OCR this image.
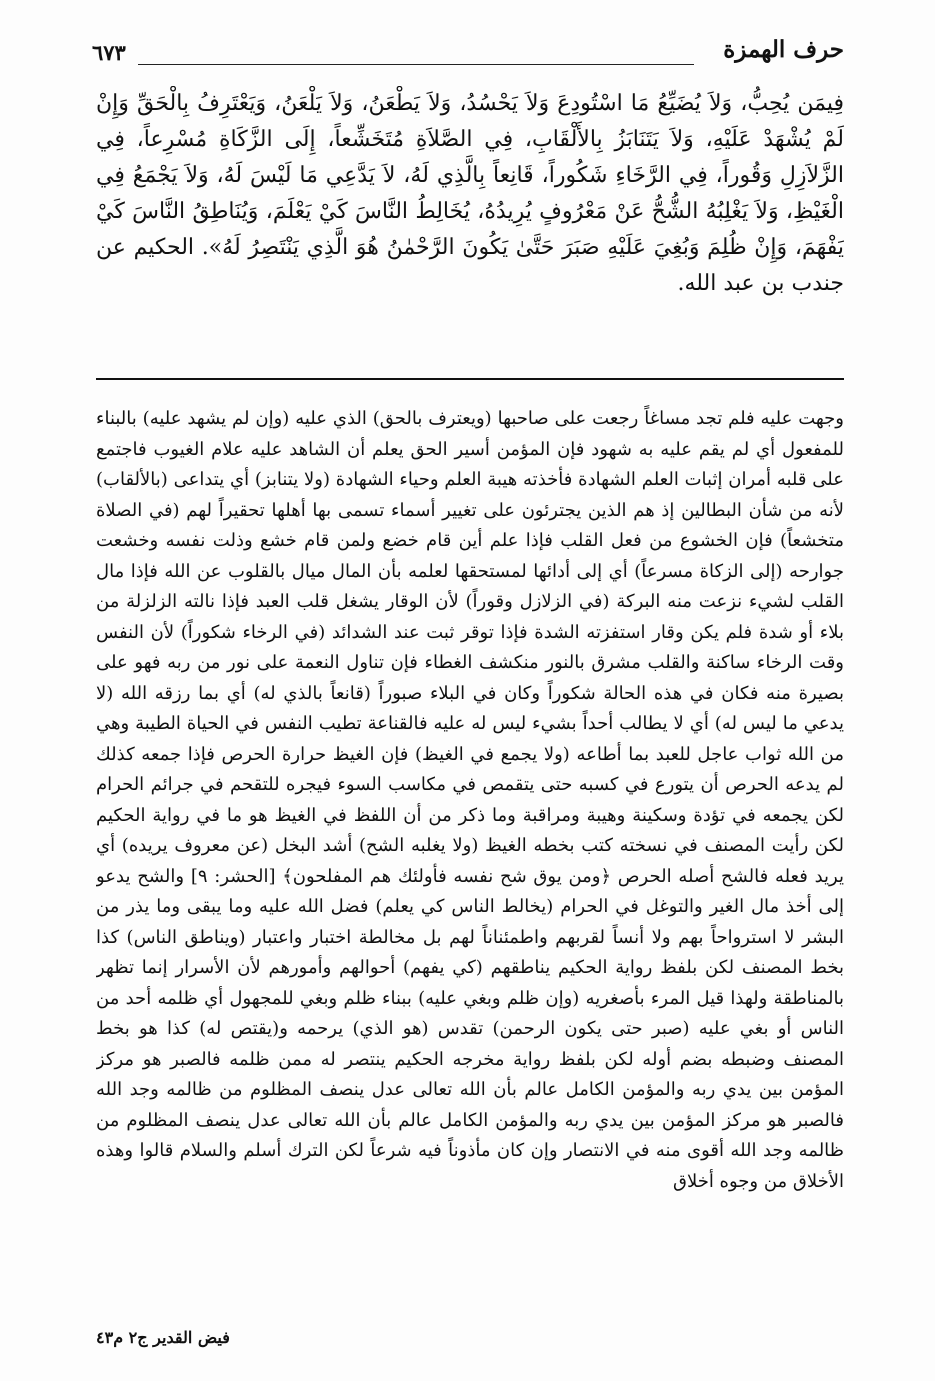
حرف الهمزة
٦٧٣
فِيمَن يُحِبُّ، وَلاَ يُضَيِّعُ مَا اسْتُودِعَ وَلاَ يَحْسُدُ، وَلاَ يَطْعَنُ، وَلاَ يَلْعَنُ، وَيَعْتَرِفُ بِالْحَقِّ وَإِنْ لَمْ يُشْهَدْ عَلَيْهِ، وَلاَ يَتَنَابَزُ بِالأَلْقَابِ، فِي الصَّلاَةِ مُتَخَشِّعاً، إِلَى الزَّكَاةِ مُسْرِعاً، فِي الزَّلاَزِلِ وَقُوراً، فِي الرَّخَاءِ شَكُوراً، قَانِعاً بِالَّذِي لَهُ، لاَ يَدَّعِي مَا لَيْسَ لَهُ، وَلاَ يَجْمَعُ فِي الْغَيْظِ، وَلاَ يَغْلِبُهُ الشُّحُّ عَنْ مَعْرُوفٍ يُرِيدُهُ، يُخَالِطُ النَّاسَ كَيْ يَعْلَمَ، وَيُنَاطِقُ النَّاسَ كَيْ يَفْهَمَ، وَإِنْ ظُلِمَ وَبُغِيَ عَلَيْهِ صَبَرَ حَتَّىٰ يَكُونَ الرَّحْمٰنُ هُوَ الَّذِي يَنْتَصِرُ لَهُ». الحكيم عن جندب بن عبد الله.

وجهت عليه فلم تجد مساغاً رجعت على صاحبها (ويعترف بالحق) الذي عليه (وإن لم يشهد عليه) بالبناء للمفعول أي لم يقم عليه به شهود فإن المؤمن أسير الحق يعلم أن الشاهد عليه علام الغيوب فاجتمع على قلبه أمران إثبات العلم الشهادة فأخذته هيبة العلم وحياء الشهادة (ولا يتنابز) أي يتداعى (بالألقاب) لأنه من شأن البطالين إذ هم الذين يجترئون على تغيير أسماء تسمى بها أهلها تحقيراً لهم (في الصلاة متخشعاً) فإن الخشوع من فعل القلب فإذا علم أين قام خضع ولمن قام خشع وذلت نفسه وخشعت جوارحه (إلى الزكاة مسرعاً) أي إلى أدائها لمستحقها لعلمه بأن المال ميال بالقلوب عن الله فإذا مال القلب لشيء نزعت منه البركة (في الزلازل وقوراً) لأن الوقار يشغل قلب العبد فإذا نالته الزلزلة من بلاء أو شدة فلم يكن وقار استفزته الشدة فإذا توقر ثبت عند الشدائد (في الرخاء شكوراً) لأن النفس وقت الرخاء ساكنة والقلب مشرق بالنور منكشف الغطاء فإن تناول النعمة على نور من ربه فهو على بصيرة منه فكان في هذه الحالة شكوراً وكان في البلاء صبوراً (قانعاً بالذي له) أي بما رزقه الله (لا يدعي ما ليس له) أي لا يطالب أحداً بشيء ليس له عليه فالقناعة تطيب النفس في الحياة الطيبة وهي من الله ثواب عاجل للعبد بما أطاعه (ولا يجمع في الغيظ) فإن الغيظ حرارة الحرص فإذا جمعه كذلك لم يدعه الحرص أن يتورع في كسبه حتى يتقمص في مكاسب السوء فيجره للتقحم في جرائم الحرام لكن يجمعه في تؤدة وسكينة وهيبة ومراقبة وما ذكر من أن اللفظ في الغيظ هو ما في رواية الحكيم لكن رأيت المصنف في نسخته كتب بخطه الغيظ (ولا يغلبه الشح) أشد البخل (عن معروف يريده) أي يريد فعله فالشح أصله الحرص ﴿ومن يوق شح نفسه فأولئك هم المفلحون﴾ [الحشر: ٩] والشح يدعو إلى أخذ مال الغير والتوغل في الحرام (يخالط الناس كي يعلم) فضل الله عليه وما يبقى وما يذر من البشر لا استرواحاً بهم ولا أنساً لقربهم واطمئناناً لهم بل مخالطة اختبار واعتبار (ويناطق الناس) كذا بخط المصنف لكن بلفظ رواية الحكيم يناطقهم (كي يفهم) أحوالهم وأمورهم لأن الأسرار إنما تظهر بالمناطقة ولهذا قيل المرء بأصغريه (وإن ظلم وبغي عليه) ببناء ظلم وبغي للمجهول أي ظلمه أحد من الناس أو بغي عليه (صبر حتى يكون الرحمن) تقدس (هو الذي) يرحمه و(يقتص له) كذا هو بخط المصنف وضبطه بضم أوله لكن بلفظ رواية مخرجه الحكيم ينتصر له ممن ظلمه فالصبر هو مركز المؤمن بين يدي ربه والمؤمن الكامل عالم بأن الله تعالى عدل ينصف المظلوم من ظالمه وجد الله فالصبر هو مركز المؤمن بين يدي ربه والمؤمن الكامل عالم بأن الله تعالى عدل ينصف المظلوم من ظالمه وجد الله أقوى منه في الانتصار وإن كان مأذوناً فيه شرعاً لكن الترك أسلم والسلام قالوا وهذه الأخلاق من وجوه أخلاق

فيض القدير ج٢ م٤٣
